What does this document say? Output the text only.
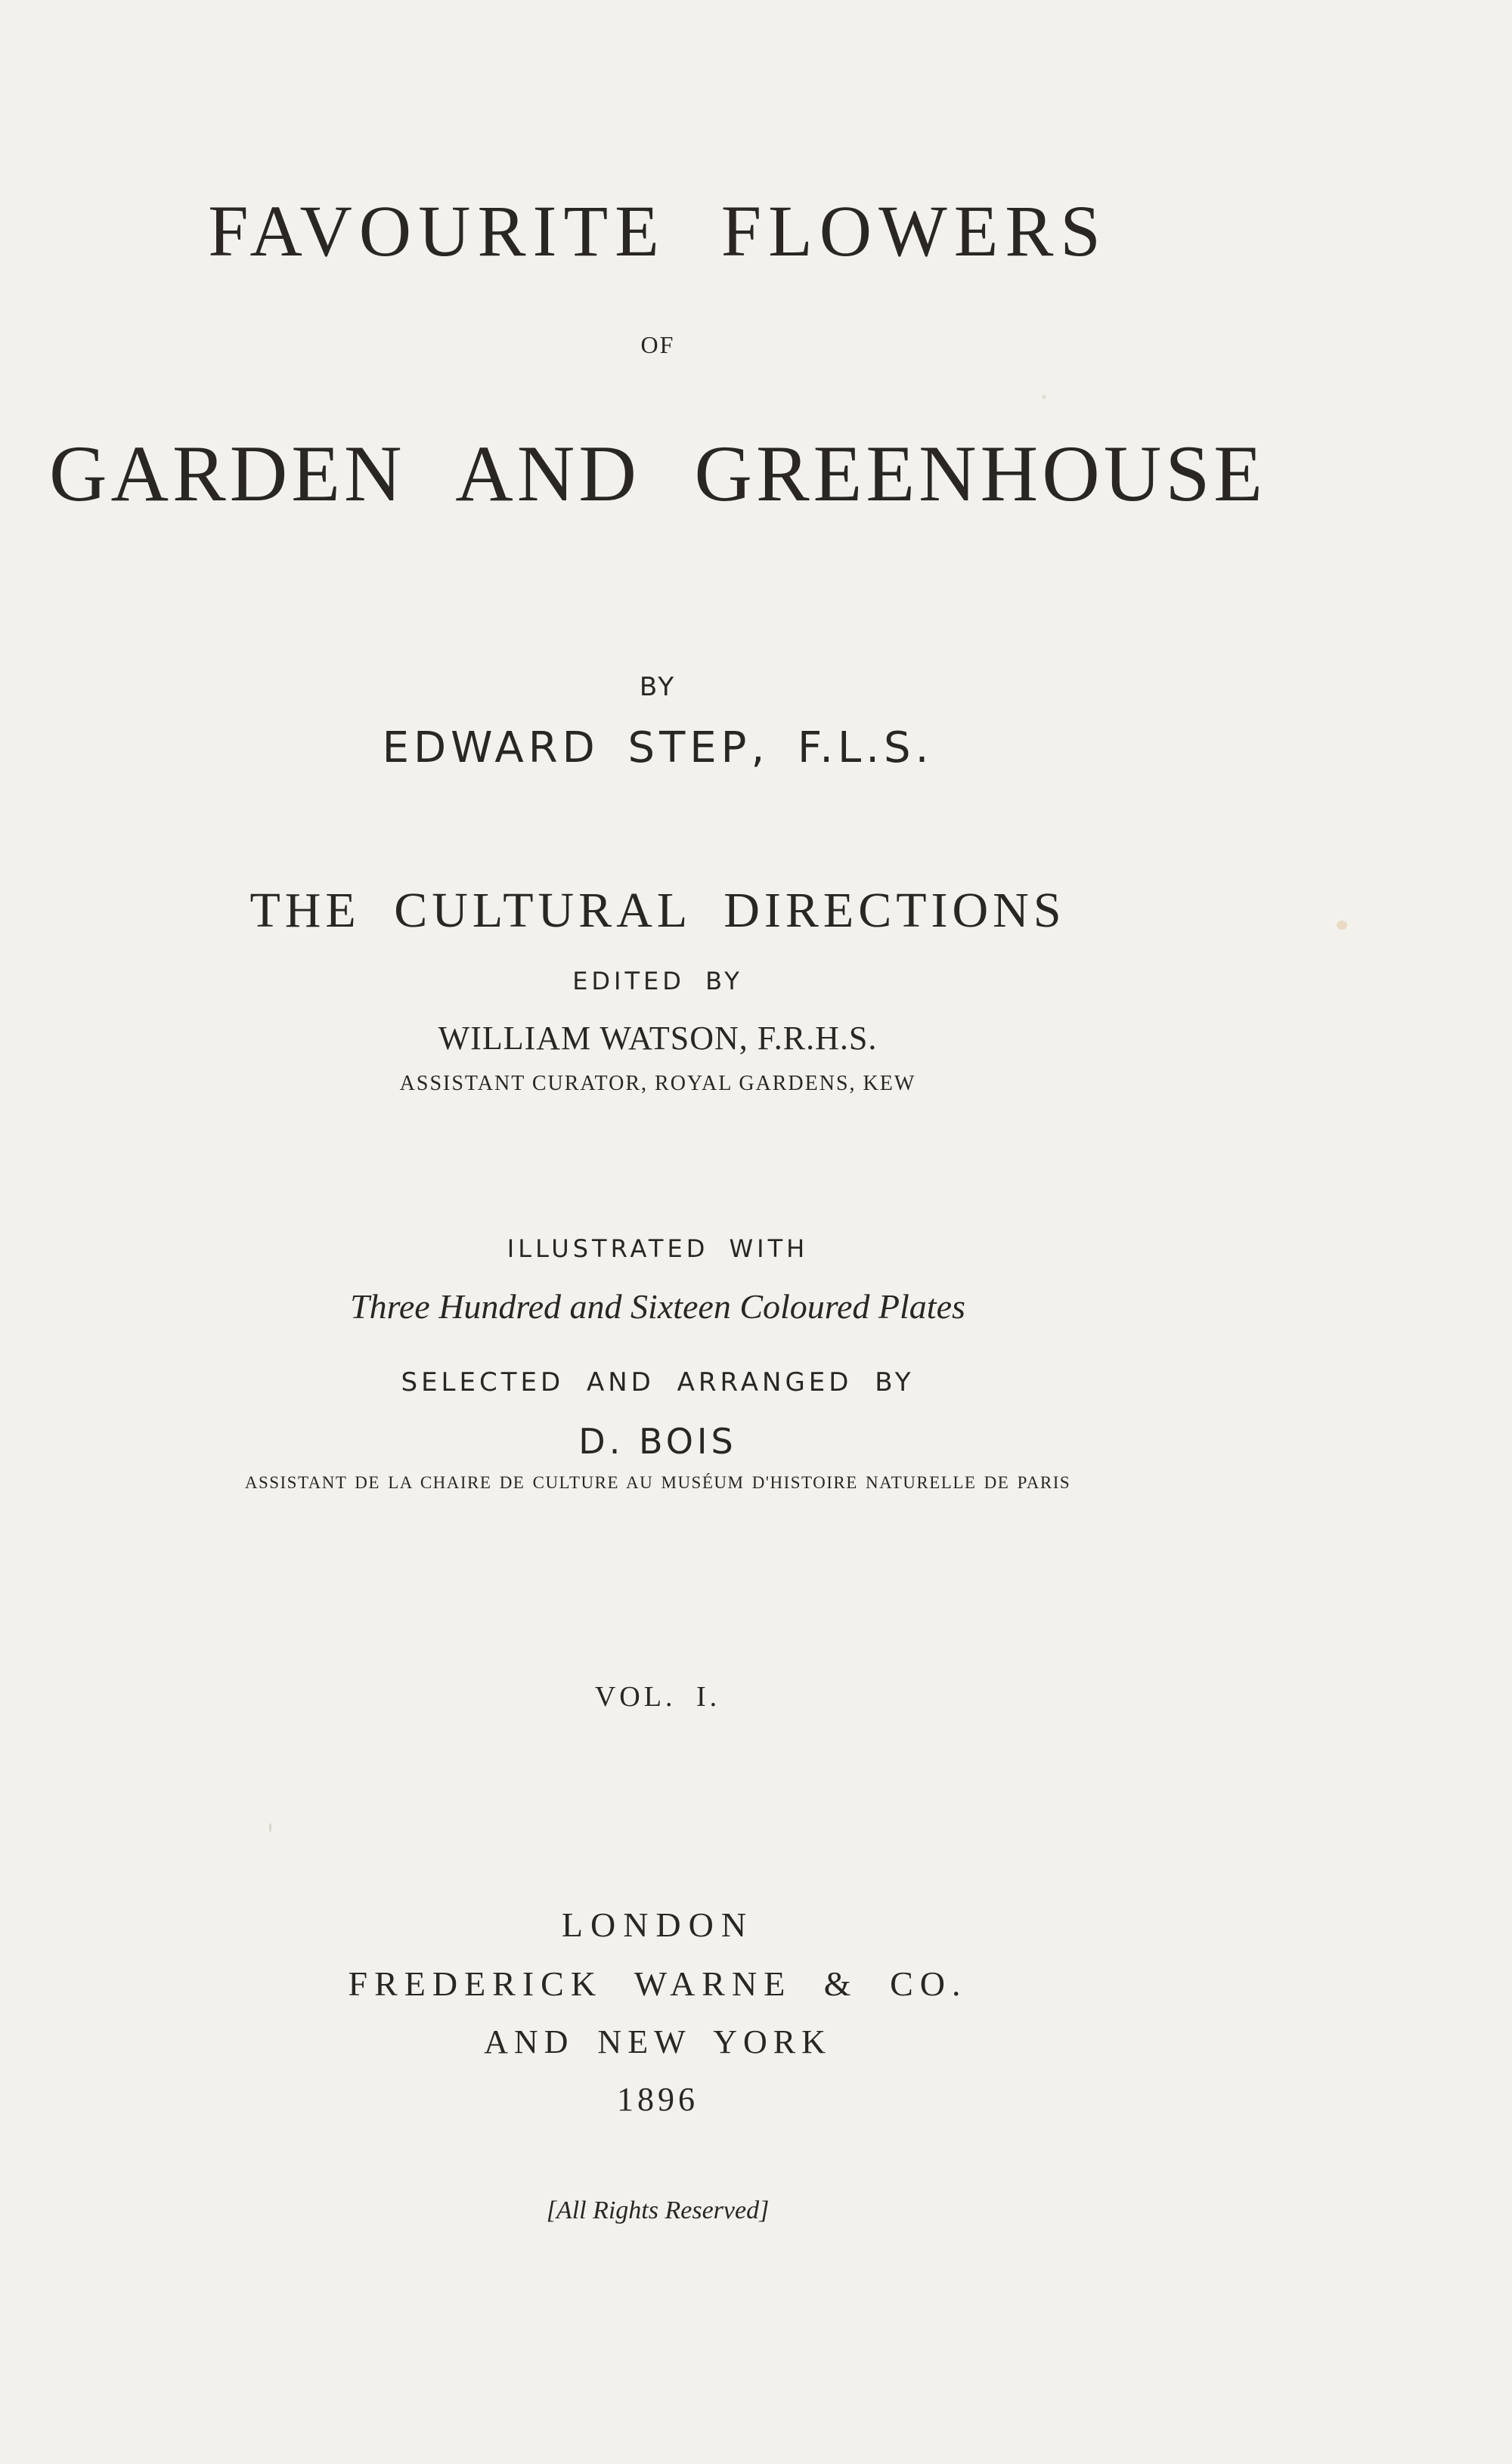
FAVOURITE FLOWERS
OF
GARDEN AND GREENHOUSE
BY
EDWARD STEP, F.L.S.
THE CULTURAL DIRECTIONS
EDITED BY
WILLIAM WATSON, F.R.H.S.
ASSISTANT CURATOR, ROYAL GARDENS, KEW
ILLUSTRATED WITH
Three Hundred and Sixteen Coloured Plates
SELECTED AND ARRANGED BY
D. BOIS
ASSISTANT DE LA CHAIRE DE CULTURE AU MUSÉUM D'HISTOIRE NATURELLE DE PARIS
VOL. I.
LONDON
FREDERICK WARNE & CO.
AND NEW YORK
1896
[All Rights Reserved]
